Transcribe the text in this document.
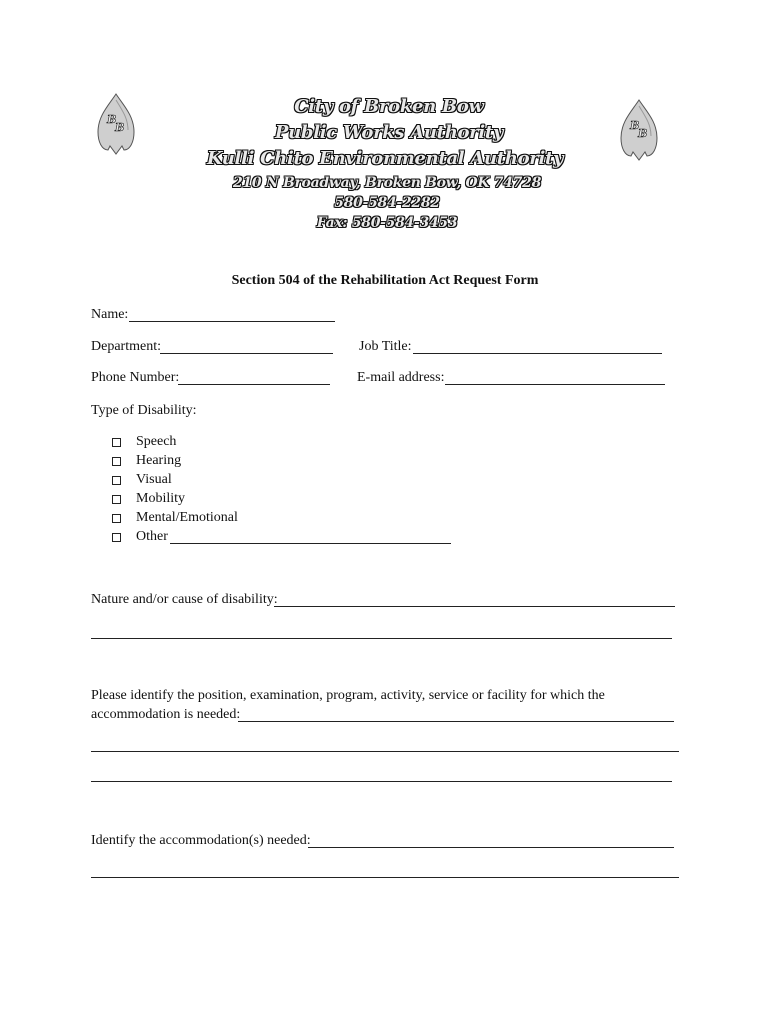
B
B	B
B
City of Broken Bow
Public Works Authority
Kulli Chito Environmental Authority
210 N Broadway, Broken Bow, OK 74728
580-584-2282
Fax: 580-584-3453
Section 504 of the Rehabilitation Act Request Form
Name:
Department:	Job Title:
Phone Number:	E-mail address:
Type of Disability:
Speech
Hearing
Visual
Mobility
Mental/Emotional
Other
Nature and/or cause of disability:
Please identify the position, examination, program, activity, service or facility for which the
accommodation is needed:
Identify the accommodation(s) needed:
